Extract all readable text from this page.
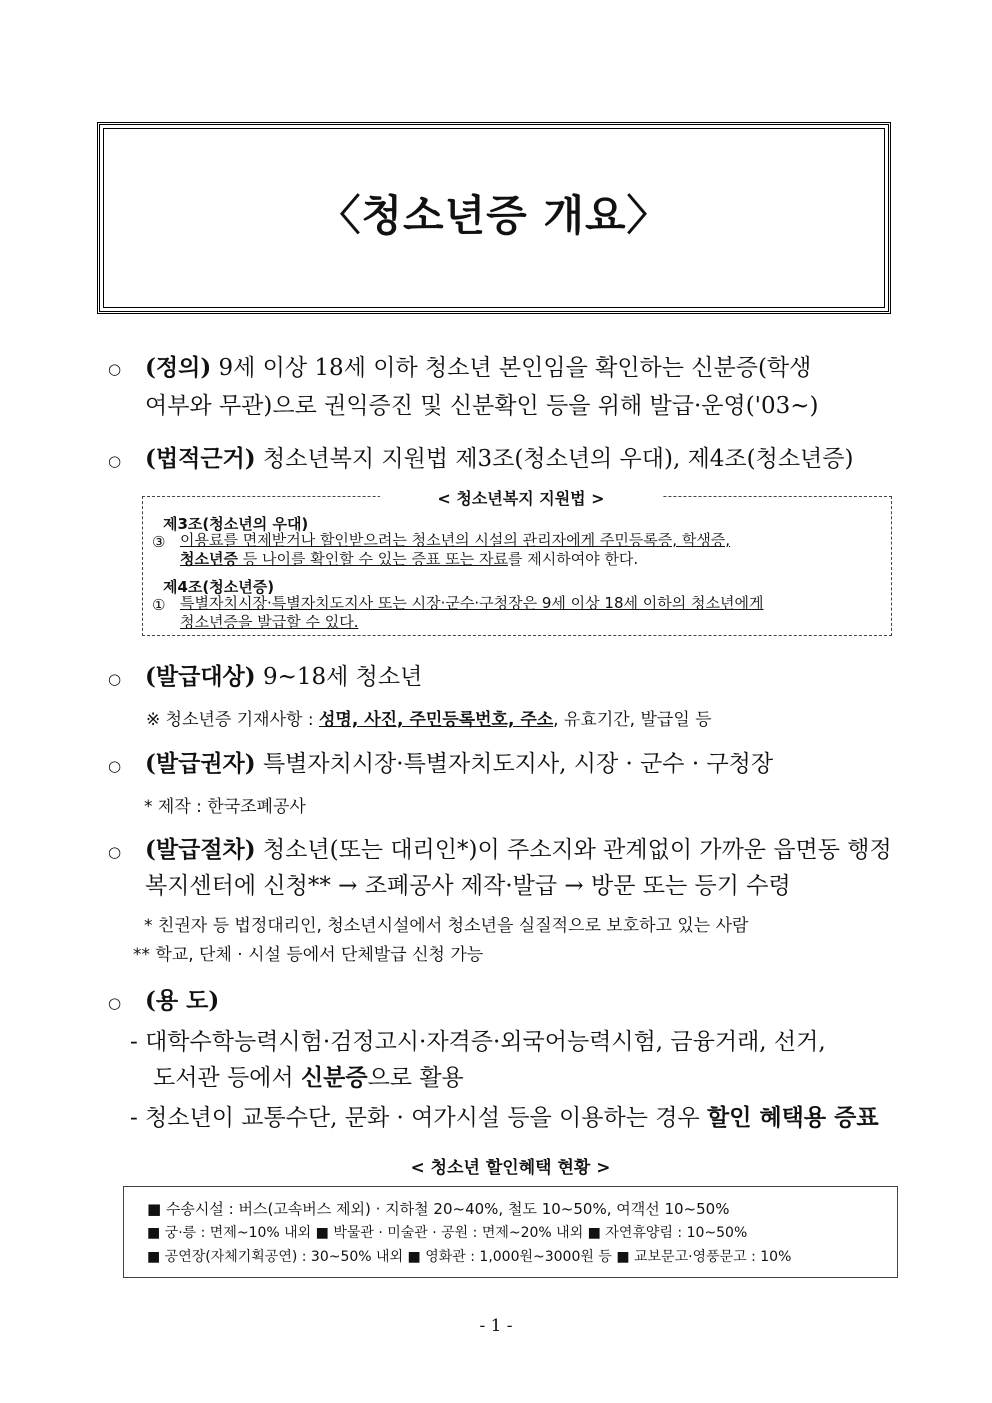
〈청소년증 개요〉
○ (정의) 9세 이상 18세 이하 청소년 본인임을 확인하는 신분증(학생
여부와 무관)으로 권익증진 및 신분확인 등을 위해 발급·운영('03~)
○ (법적근거) 청소년복지 지원법 제3조(청소년의 우대), 제4조(청소년증)
< 청소년복지 지원법 >
제3조(청소년의 우대)
③ 이용료를 면제받거나 할인받으려는 청소년의 시설의 관리자에게 주민등록증, 학생증,
청소년증 등 나이를 확인할 수 있는 증표 또는 자료를 제시하여야 한다.
제4조(청소년증)
① 특별자치시장·특별자치도지사 또는 시장·군수·구청장은 9세 이상 18세 이하의 청소년에게
청소년증을 발급할 수 있다.
○ (발급대상) 9~18세 청소년
※ 청소년증 기재사항 : 성명, 사진, 주민등록번호, 주소, 유효기간, 발급일 등
○ (발급권자) 특별자치시장·특별자치도지사, 시장 · 군수 · 구청장
* 제작 : 한국조폐공사
○ (발급절차) 청소년(또는 대리인*)이 주소지와 관계없이 가까운 읍면동 행정
복지센터에 신청** → 조폐공사 제작·발급 → 방문 또는 등기 수령
* 친권자 등 법정대리인, 청소년시설에서 청소년을 실질적으로 보호하고 있는 사람
** 학교, 단체 · 시설 등에서 단체발급 신청 가능
○ (용 도)
- 대학수학능력시험·검정고시·자격증·외국어능력시험, 금융거래, 선거,
도서관 등에서 신분증으로 활용
- 청소년이 교통수단, 문화 · 여가시설 등을 이용하는 경우 할인 혜택용 증표
< 청소년 할인혜택 현황 >
■ 수송시설 : 버스(고속버스 제외) · 지하철 20~40%, 철도 10~50%, 여객선 10~50%
■ 궁·릉 : 면제~10% 내외 ■ 박물관 · 미술관 · 공원 : 면제~20% 내외 ■ 자연휴양림 : 10~50%
■ 공연장(자체기획공연) : 30~50% 내외 ■ 영화관 : 1,000원~3000원 등 ■ 교보문고·영풍문고 : 10%
- 1 -
